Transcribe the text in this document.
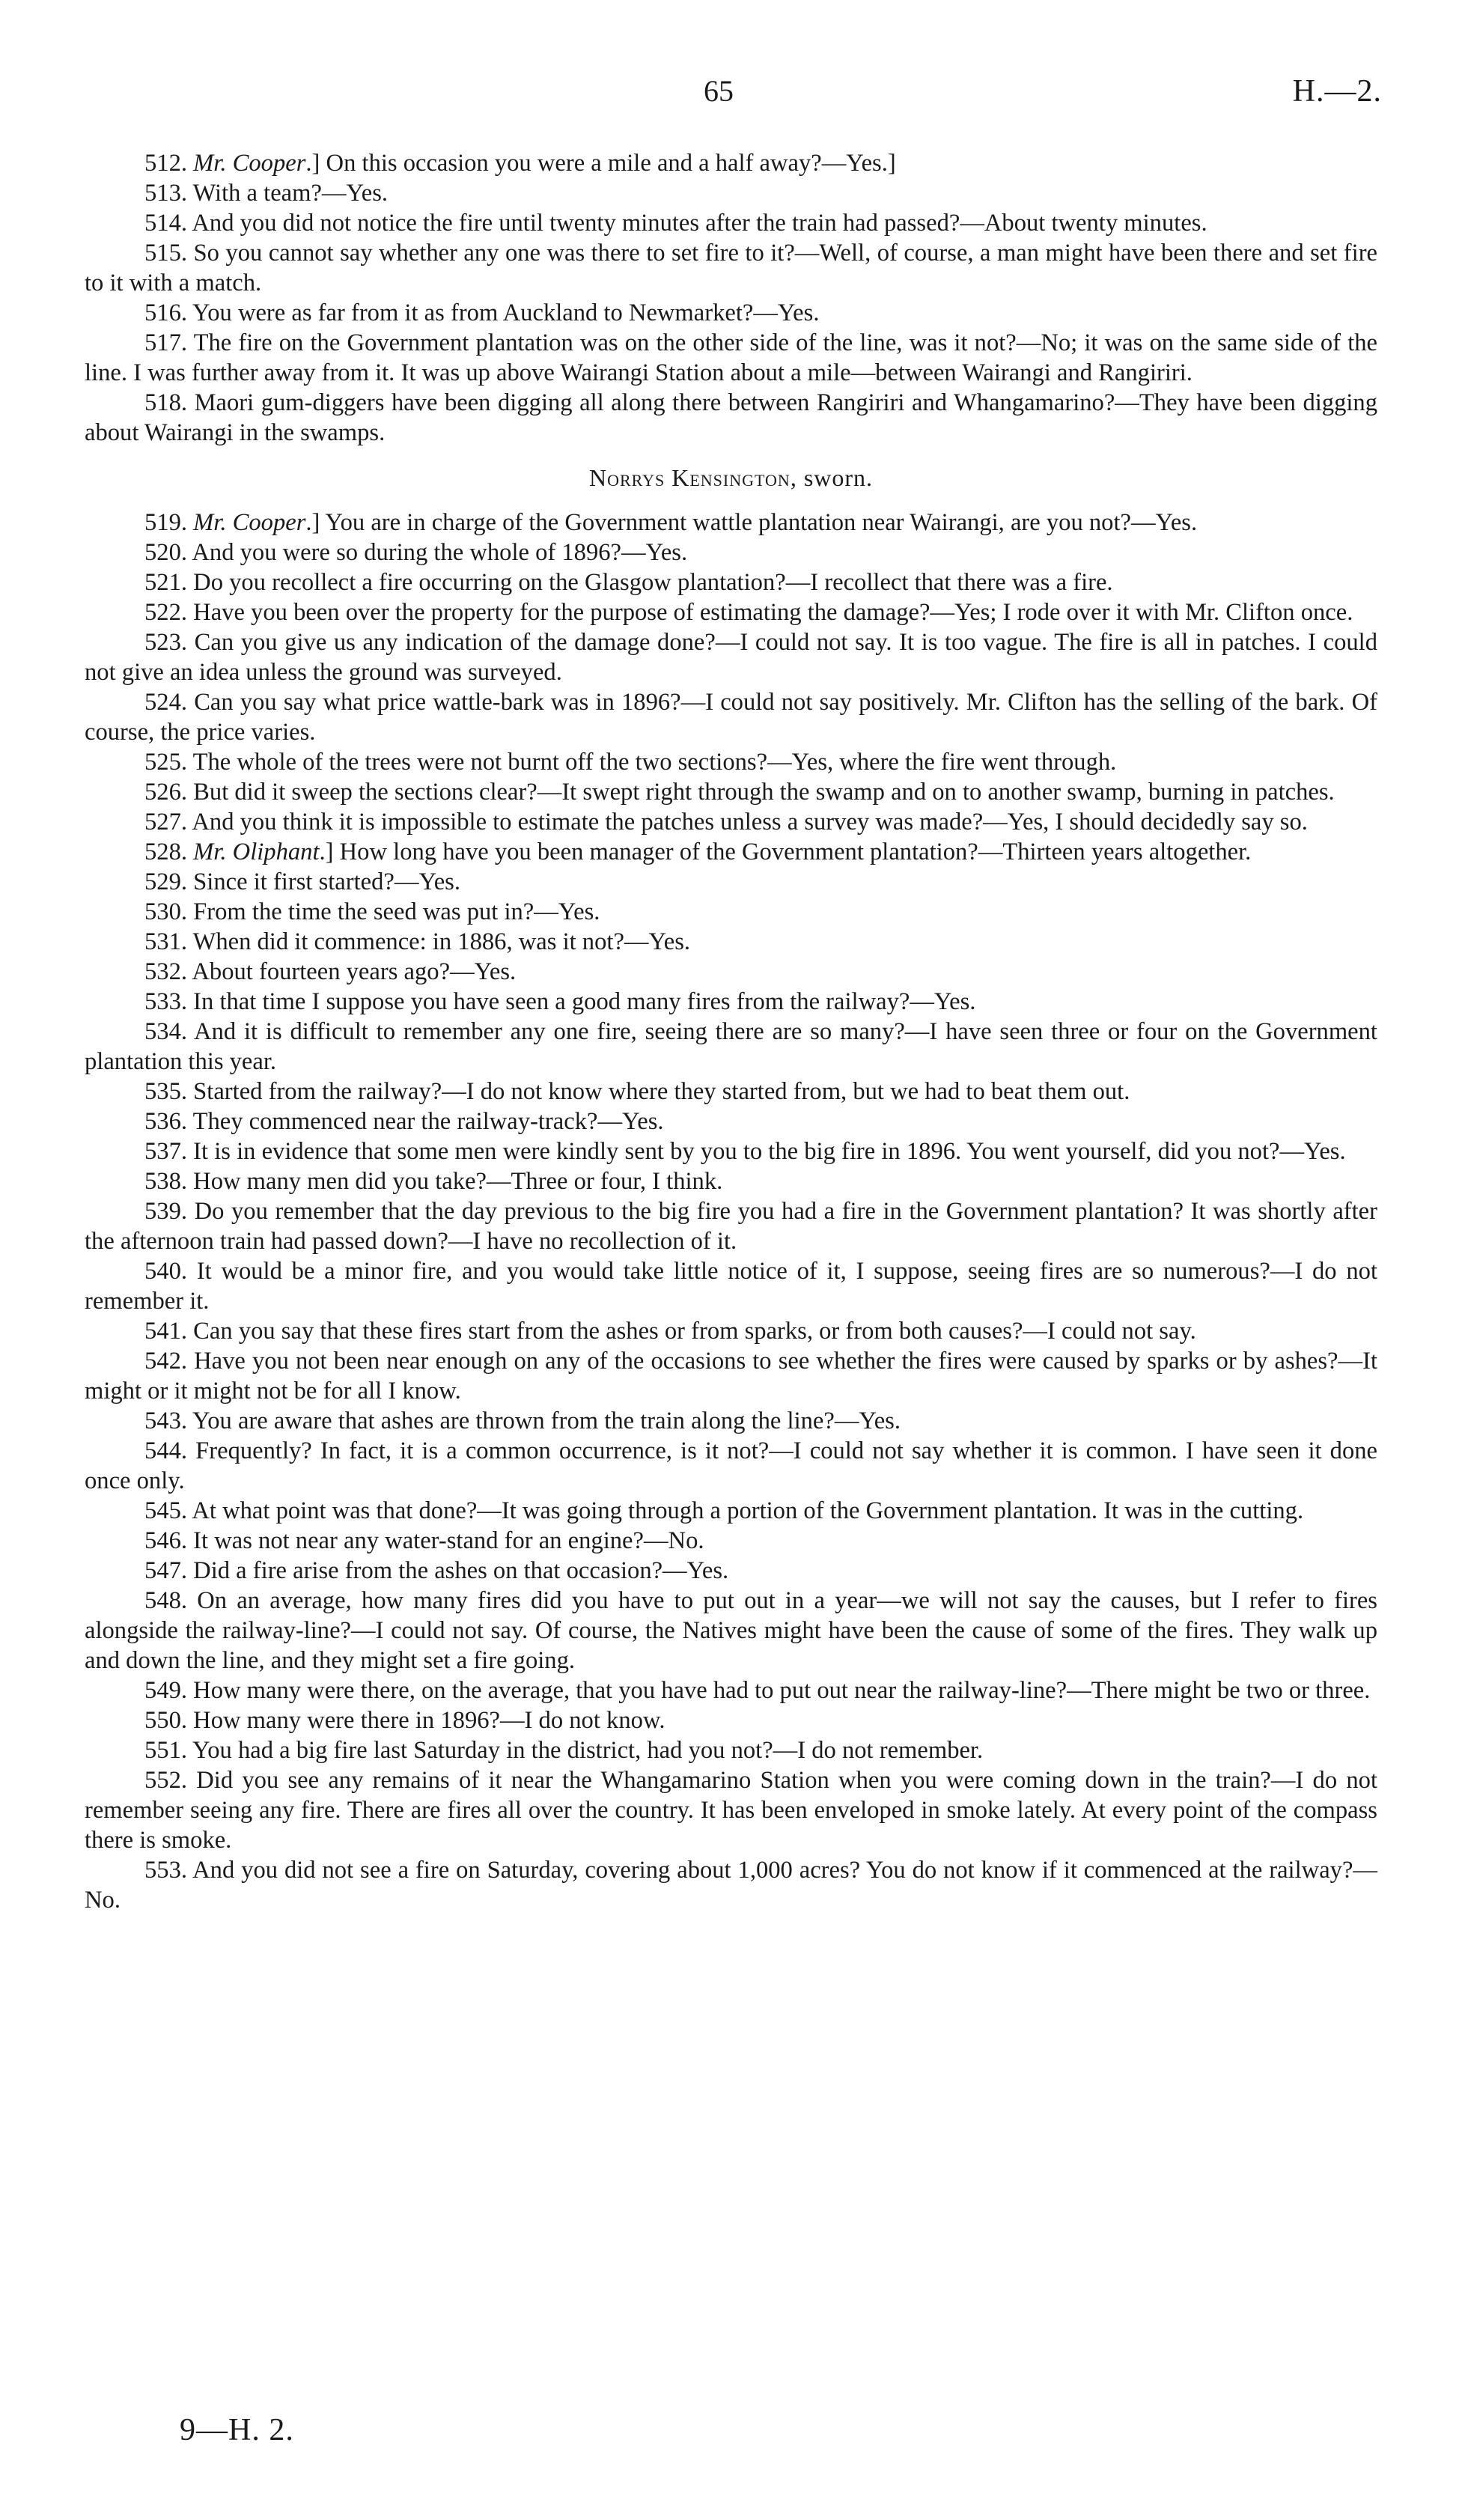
65	H.—2.

512. Mr. Cooper.] On this occasion you were a mile and a half away?—Yes.]

513. With a team?—Yes.

514. And you did not notice the fire until twenty minutes after the train had passed?—About twenty minutes.

515. So you cannot say whether any one was there to set fire to it?—Well, of course, a man might have been there and set fire to it with a match.

516. You were as far from it as from Auckland to Newmarket?—Yes.

517. The fire on the Government plantation was on the other side of the line, was it not?—No; it was on the same side of the line. I was further away from it. It was up above Wairangi Station about a mile—between Wairangi and Rangiriri.

518. Maori gum-diggers have been digging all along there between Rangiriri and Whangamarino?—They have been digging about Wairangi in the swamps.

Norrys Kensington, sworn.

519. Mr. Cooper.] You are in charge of the Government wattle plantation near Wairangi, are you not?—Yes.

520. And you were so during the whole of 1896?—Yes.

521. Do you recollect a fire occurring on the Glasgow plantation?—I recollect that there was a fire.

522. Have you been over the property for the purpose of estimating the damage?—Yes; I rode over it with Mr. Clifton once.

523. Can you give us any indication of the damage done?—I could not say. It is too vague. The fire is all in patches. I could not give an idea unless the ground was surveyed.

524. Can you say what price wattle-bark was in 1896?—I could not say positively. Mr. Clifton has the selling of the bark. Of course, the price varies.

525. The whole of the trees were not burnt off the two sections?—Yes, where the fire went through.

526. But did it sweep the sections clear?—It swept right through the swamp and on to another swamp, burning in patches.

527. And you think it is impossible to estimate the patches unless a survey was made?—Yes, I should decidedly say so.

528. Mr. Oliphant.] How long have you been manager of the Government plantation?—Thirteen years altogether.

529. Since it first started?—Yes.

530. From the time the seed was put in?—Yes.

531. When did it commence: in 1886, was it not?—Yes.

532. About fourteen years ago?—Yes.

533. In that time I suppose you have seen a good many fires from the railway?—Yes.

534. And it is difficult to remember any one fire, seeing there are so many?—I have seen three or four on the Government plantation this year.

535. Started from the railway?—I do not know where they started from, but we had to beat them out.

536. They commenced near the railway-track?—Yes.

537. It is in evidence that some men were kindly sent by you to the big fire in 1896. You went yourself, did you not?—Yes.

538. How many men did you take?—Three or four, I think.

539. Do you remember that the day previous to the big fire you had a fire in the Government plantation? It was shortly after the afternoon train had passed down?—I have no recollection of it.

540. It would be a minor fire, and you would take little notice of it, I suppose, seeing fires are so numerous?—I do not remember it.

541. Can you say that these fires start from the ashes or from sparks, or from both causes?—I could not say.

542. Have you not been near enough on any of the occasions to see whether the fires were caused by sparks or by ashes?—It might or it might not be for all I know.

543. You are aware that ashes are thrown from the train along the line?—Yes.

544. Frequently? In fact, it is a common occurrence, is it not?—I could not say whether it is common. I have seen it done once only.

545. At what point was that done?—It was going through a portion of the Government plantation. It was in the cutting.

546. It was not near any water-stand for an engine?—No.

547. Did a fire arise from the ashes on that occasion?—Yes.

548. On an average, how many fires did you have to put out in a year—we will not say the causes, but I refer to fires alongside the railway-line?—I could not say. Of course, the Natives might have been the cause of some of the fires. They walk up and down the line, and they might set a fire going.

549. How many were there, on the average, that you have had to put out near the railway-line?—There might be two or three.

550. How many were there in 1896?—I do not know.

551. You had a big fire last Saturday in the district, had you not?—I do not remember.

552. Did you see any remains of it near the Whangamarino Station when you were coming down in the train?—I do not remember seeing any fire. There are fires all over the country. It has been enveloped in smoke lately. At every point of the compass there is smoke.

553. And you did not see a fire on Saturday, covering about 1,000 acres? You do not know if it commenced at the railway?—No.

9—H. 2.
